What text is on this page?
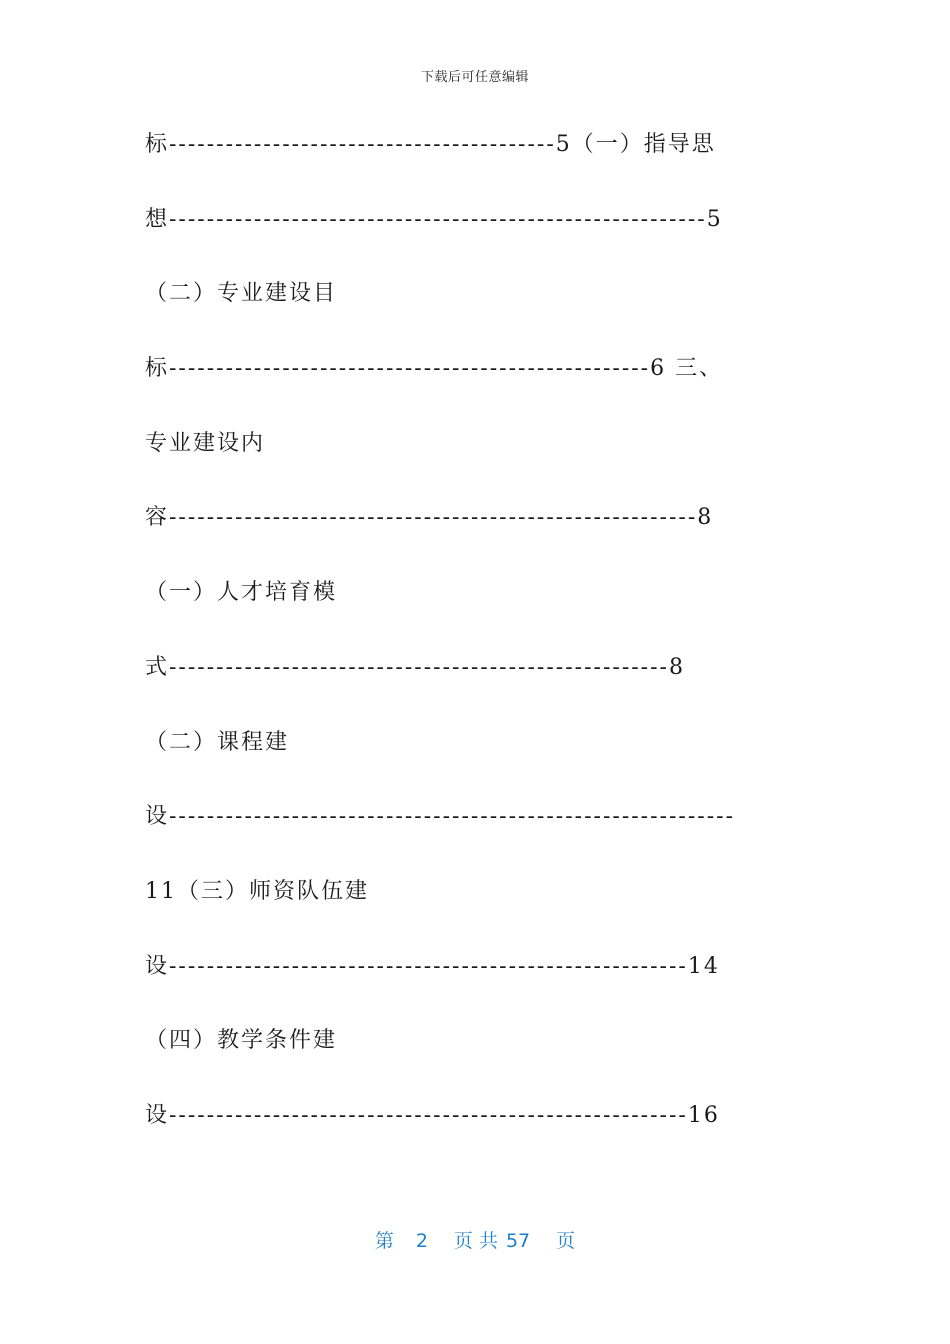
下载后可任意编辑
标-----------------------------------------5（一）指导思
想---------------------------------------------------------5
（二）专业建设目
标---------------------------------------------------6 三、
专业建设内
容--------------------------------------------------------8
（一）人才培育模
式-----------------------------------------------------8
（二）课程建
设------------------------------------------------------------
11（三）师资队伍建
设-------------------------------------------------------14
（四）教学条件建
设-------------------------------------------------------16
第 2 页 共 57 页
